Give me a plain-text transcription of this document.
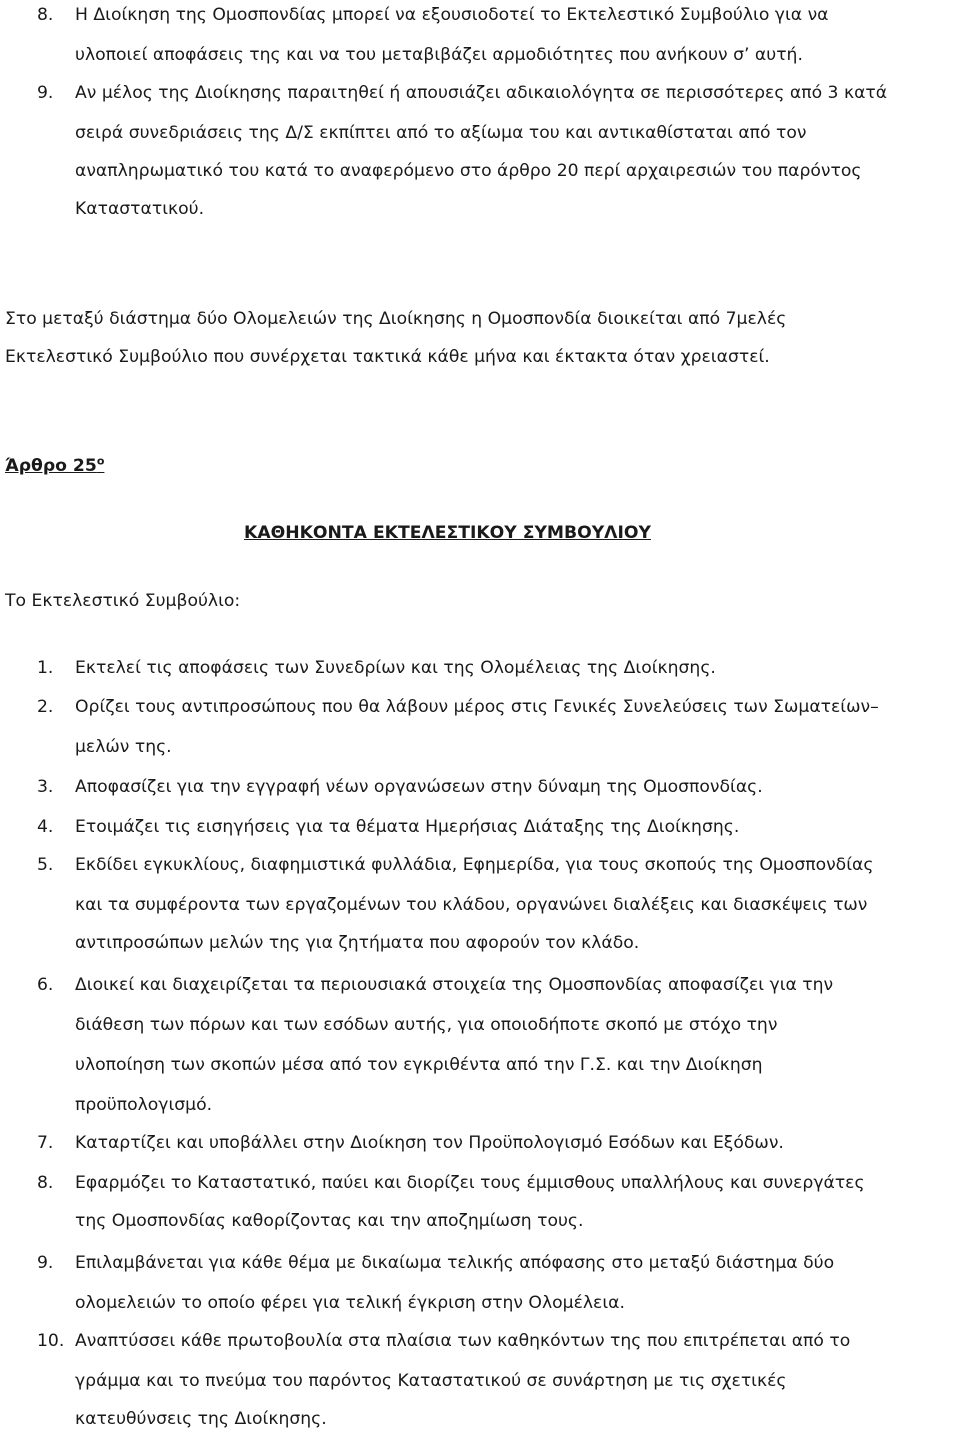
8. Η Διοίκηση της Ομοσπονδίας μπορεί να εξουσιοδοτεί το Εκτελεστικό Συμβούλιο για να
υλοποιεί αποφάσεις της και να του μεταβιβάζει αρμοδιότητες που ανήκουν σ’ αυτή.
9. Αν μέλος της Διοίκησης παραιτηθεί ή απουσιάζει αδικαιολόγητα σε περισσότερες από 3 κατά
σειρά συνεδριάσεις της Δ/Σ εκπίπτει από το αξίωμα του και αντικαθίσταται από τον
αναπληρωματικό του κατά το αναφερόμενο στο άρθρο 20 περί αρχαιρεσιών του παρόντος
Καταστατικού.
Στο μεταξύ διάστημα δύο Ολομελειών της Διοίκησης η Ομοσπονδία διοικείται από 7μελές
Εκτελεστικό Συμβούλιο που συνέρχεται τακτικά κάθε μήνα και έκτακτα όταν χρειαστεί.
Άρθρο $25^o$
ΚΑΘΗΚΟΝΤΑ ΕΚΤΕΛΕΣΤΙΚΟΥ ΣΥΜΒΟΥΛΙΟΥ
Το Εκτελεστικό Συμβούλιο:
1. Εκτελεί τις αποφάσεις των Συνεδρίων και της Ολομέλειας της Διοίκησης.
2. Ορίζει τους αντιπροσώπους που θα λάβουν μέρος στις Γενικές Συνελεύσεις των Σωματείων–
μελών της.
3. Αποφασίζει για την εγγραφή νέων οργανώσεων στην δύναμη της Ομοσπονδίας.
4. Ετοιμάζει τις εισηγήσεις για τα θέματα Ημερήσιας Διάταξης της Διοίκησης.
5. Εκδίδει εγκυκλίους, διαφημιστικά φυλλάδια, Εφημερίδα, για τους σκοπούς της Ομοσπονδίας
και τα συμφέροντα των εργαζομένων του κλάδου, οργανώνει διαλέξεις και διασκέψεις των
αντιπροσώπων μελών της για ζητήματα που αφορούν τον κλάδο.
6. Διοικεί και διαχειρίζεται τα περιουσιακά στοιχεία της Ομοσπονδίας αποφασίζει για την
διάθεση των πόρων και των εσόδων αυτής, για οποιοδήποτε σκοπό με στόχο την
υλοποίηση των σκοπών μέσα από τον εγκριθέντα από την Γ.Σ. και την Διοίκηση
προϋπολογισμό.
7. Καταρτίζει και υποβάλλει στην Διοίκηση τον Προϋπολογισμό Εσόδων και Εξόδων.
8. Εφαρμόζει το Καταστατικό, παύει και διορίζει τους έμμισθους υπαλλήλους και συνεργάτες
της Ομοσπονδίας καθορίζοντας και την αποζημίωση τους.
9. Επιλαμβάνεται για κάθε θέμα με δικαίωμα τελικής απόφασης στο μεταξύ διάστημα δύο
ολομελειών το οποίο φέρει για τελική έγκριση στην Ολομέλεια.
10. Αναπτύσσει κάθε πρωτοβουλία στα πλαίσια των καθηκόντων της που επιτρέπεται από το
γράμμα και το πνεύμα του παρόντος Καταστατικού σε συνάρτηση με τις σχετικές
κατευθύνσεις της Διοίκησης.
